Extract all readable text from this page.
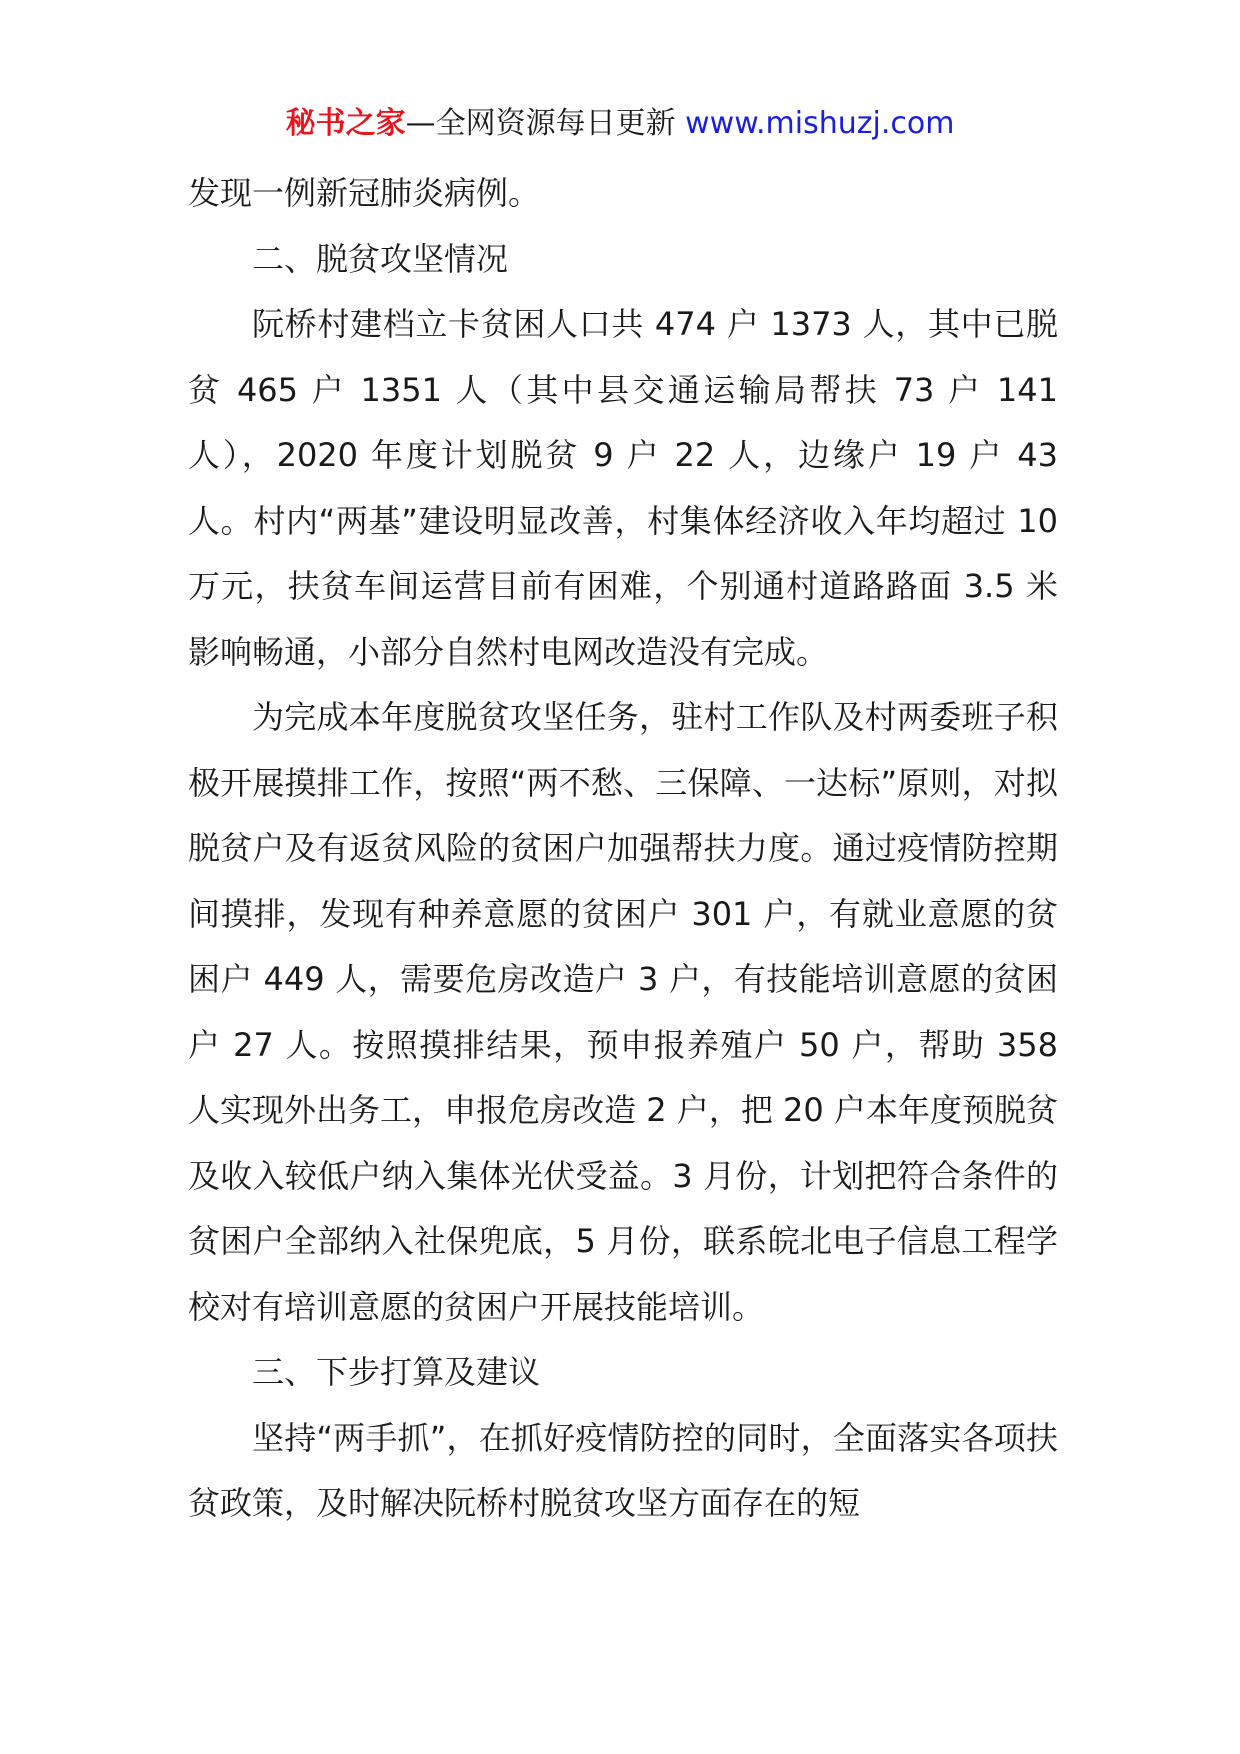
秘书之家—全网资源每日更新 www.mishuzj.com

发现一例新冠肺炎病例。

二、脱贫攻坚情况

阮桥村建档立卡贫困人口共 474 户 1373 人，其中已脱贫 465 户 1351 人（其中县交通运输局帮扶 73 户 141 人），2020 年度计划脱贫 9 户 22 人，边缘户 19 户 43 人。村内“两基”建设明显改善，村集体经济收入年均超过 10 万元，扶贫车间运营目前有困难，个别通村道路路面 3.5 米影响畅通，小部分自然村电网改造没有完成。

为完成本年度脱贫攻坚任务，驻村工作队及村两委班子积极开展摸排工作，按照“两不愁、三保障、一达标”原则，对拟脱贫户及有返贫风险的贫困户加强帮扶力度。通过疫情防控期间摸排，发现有种养意愿的贫困户 301 户，有就业意愿的贫困户 449 人，需要危房改造户 3 户，有技能培训意愿的贫困户 27 人。按照摸排结果，预申报养殖户 50 户，帮助 358 人实现外出务工，申报危房改造 2 户，把 20 户本年度预脱贫及收入较低户纳入集体光伏受益。3 月份，计划把符合条件的贫困户全部纳入社保兜底，5 月份，联系皖北电子信息工程学校对有培训意愿的贫困户开展技能培训。

三、下步打算及建议

坚持“两手抓”，在抓好疫情防控的同时，全面落实各项扶贫政策，及时解决阮桥村脱贫攻坚方面存在的短
